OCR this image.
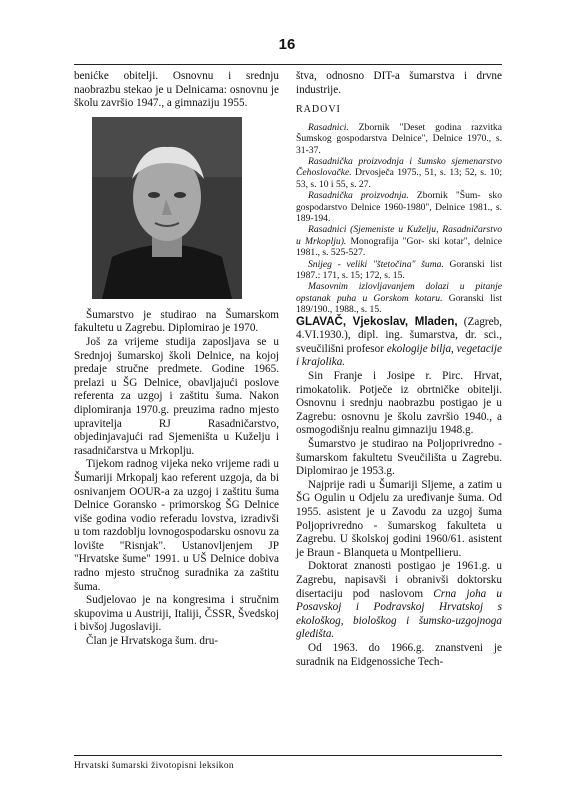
16

benićke obitelji. Osnovnu i srednju naobrazbu stekao je u Delnicama: osnovnu je školu završio 1947., a gimnaziju 1955.

Šumarstvo je studirao na Šumarskom fakultetu u Zagrebu. Diplomirao je 1970.

Još za vrijeme studija zaposljava se u Srednjoj šumarskoj školi Delnice, na kojoj predaje stručne predmete. Godine 1965. prelazi u ŠG Delnice, obavljajući poslove referenta za uzgoj i zaštitu šuma. Nakon diplomiranja 1970.g. preuzima radno mjesto upravitelja RJ Rasadničarstvo, objedinjavajući rad Sjemeništa u Kuželju i rasadničarstva u Mrkoplju.

Tijekom radnog vijeka neko vrijeme radi u Šumariji Mrkopalj kao referent uzgoja, da bi osnivanjem OOUR-a za uzgoj i zaštitu šuma Delnice Goransko - primorskog ŠG Delnice više godina vodio referadu lovstva, izradivši u tom razdoblju lovnogospodarsku osnovu za lovište "Risnjak". Ustanovljenjem JP "Hrvatske šume" 1991. u UŠ Delnice dobiva radno mjesto stručnog suradnika za zaštitu šuma.

Sudjelovao je na kongresima i stručnim skupovima u Austriji, Italiji, ČSSR, Švedskoj i bivšoj Jugoslaviji.

Član je Hrvatskoga šum. dru-

štva, odnosno DIT-a šumarstva i drvne industrije.

RADOVI

Rasadnici. Zbornik "Deset godina razvitka Šumskog gospodarstva Delnice", Delnice 1970., s. 31-37.

Rasadnička proizvodnja i šumsko sjemenarstvo Čehoslovačke. Drvosječa 1975., 51, s. 13; 52, s. 10; 53, s. 10 i 55, s. 27.

Rasadnička proizvodnja. Zbornik "Šum- sko gospodarstvo Delnice 1960-1980", Delnice 1981., s. 189-194.

Rasadnici (Sjemeniste u Kuželju, Rasadničarstvo u Mrkoplju). Monografija "Gor- ski kotar", delnice 1981., s. 525-527.

Snijeg - veliki "štetočina" šuma. Goranski list 1987.: 171, s. 15; 172, s. 15.

Masovnim izlovljavanjem dolazi u pitanje opstanak puha u Gorskom kotaru. Goranski list 189/190., 1988., s. 15.

GLAVAČ, Vjekoslav, Mladen, (Zagreb, 4.VI.1930.), dipl. ing. šumarstva, dr. sci., sveučilišni profesor ekologije bilja, vegetacije i krajolika.

Sin Franje i Josipe r. Pirc. Hrvat, rimokatolik. Potječe iz obrtničke obitelji. Osnovnu i srednju naobrazbu postigao je u Zagrebu: osnovnu je školu završio 1940., a osmogodišnju realnu gimnaziju 1948.g.

Šumarstvo je studirao na Poljoprivredno - šumarskom fakultetu Sveučilišta u Zagrebu. Diplomirao je 1953.g.

Najprije radi u Šumariji Sljeme, a zatim u ŠG Ogulin u Odjelu za uređivanje šuma. Od 1955. asistent je u Zavodu za uzgoj šuma Poljoprivredno - šumarskog fakulteta u Zagrebu. U školskoj godini 1960/61. asistent je Braun - Blanqueta u Montpellieru.

Doktorat znanosti postigao je 1961.g. u Zagrebu, napisavši i obranivši doktorsku disertaciju pod naslovom Crna joha u Posavskoj i Podravskoj Hrvatskoj s ekološkog, biološkog i šumsko-uzgojnoga gledišta.

Od 1963. do 1966.g. znanstveni je suradnik na Eidgenossiche Tech-

Hrvatski šumarski životopisni leksikon
